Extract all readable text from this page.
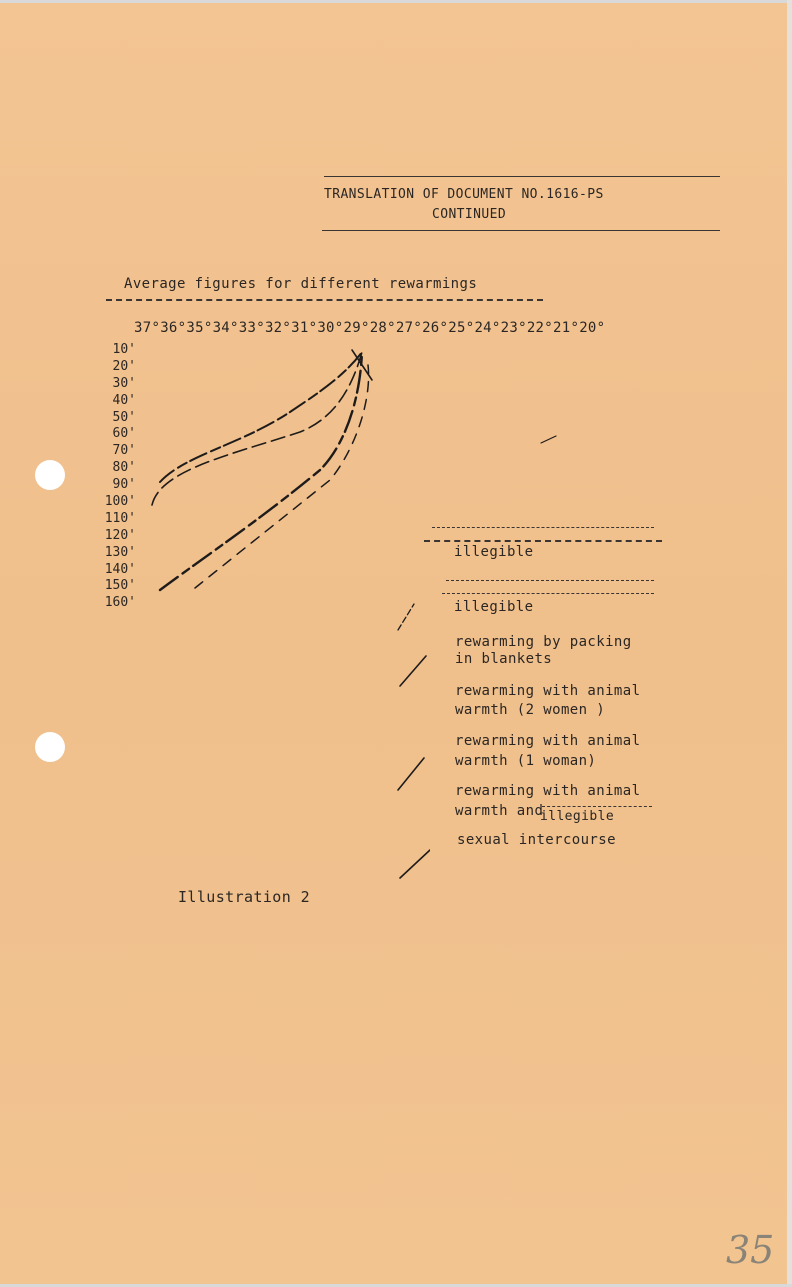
TRANSLATION OF DOCUMENT NO.1616-PS
CONTINUED
Average figures for different rewarmings
37°36°35°34°33°32°31°30°29°28°27°26°25°24°23°22°21°20°
10'
20'
30'
40'
50'
60'
70'
80'
90'
100'
110'
120'
130'
140'
150'
160'
illegible
illegible
rewarming by packing
in blankets
rewarming with animal
warmth (2 women )
rewarming with animal
warmth (1 woman)
rewarming with animal
warmth and
illegible
sexual intercourse
Illustration 2
35
